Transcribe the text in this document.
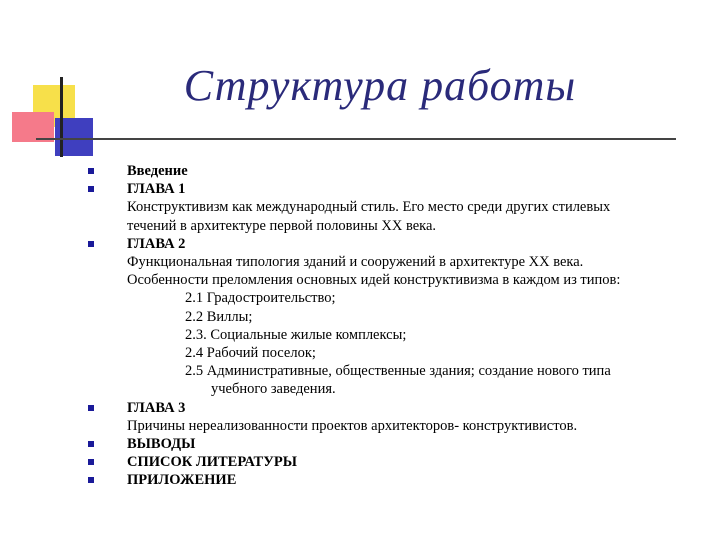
Структура работы
Введение
ГЛАВА 1
Конструктивизм как международный стиль. Его место среди других стилевых
течений в архитектуре первой половины ХХ века.
ГЛАВА 2
Функциональная типология зданий и сооружений в архитектуре ХХ века.
Особенности преломления основных идей конструктивизма в каждом из типов:
2.1 Градостроительство;
2.2 Виллы;
2.3. Социальные жилые комплексы;
2.4 Рабочий поселок;
2.5 Административные, общественные здания; создание нового типа
учебного заведения.
ГЛАВА 3
Причины нереализованности проектов архитекторов- конструктивистов.
ВЫВОДЫ
СПИСОК ЛИТЕРАТУРЫ
ПРИЛОЖЕНИЕ
